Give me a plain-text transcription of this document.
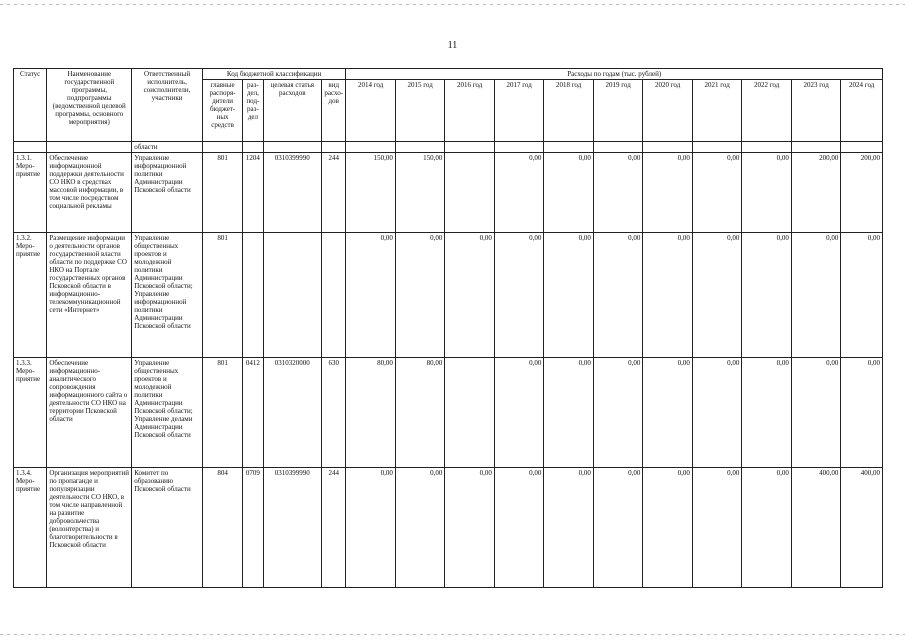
11
Статус	Наименование государственной программы, подпрограммы (ведомственной целевой программы, основного мероприятия)	Ответственный исполнитель, соисполнители, участники	Код бюджетной классификации				Расходы по годам (тыс. рублей)										
			главные распоря-дители бюджет-ных средств	раз-дел, под-раз-дел	целевая статья расходов	вид расхо-дов	2014 год	2015 год	2016 год	2017 год	2018 год	2019 год	2020 год	2021 год	2022 год	2023 год	2024 год
		области															
1.3.1. Меро-приятие	Обеспечение информационной поддержки деятельности СО НКО в средствах массовой информации, в том числе посредством социальной рекламы	Управление информационной политики Администрации Псковской области	801	1204	0310399990	244	150,00	150,00		0,00	0,00	0,00	0,00	0,00	0,00	200,00	200,00
1.3.2. Меро-приятие	Размещение информации о деятельности органов государственной власти области по поддержке СО НКО на Портале государственных органов Псковской области в информационно-телекоммуникационной сети «Интернет»	Управление общественных проектов и молодежной политики Администрации Псковской области; Управление информационной политики Администрации Псковской области	801				0,00	0,00	0,00	0,00	0,00	0,00	0,00	0,00	0,00	0,00	0,00
1.3.3. Меро-приятие	Обеспечение информационно-аналитического сопровождения информационного сайта о деятельности СО НКО на территории Псковской области	Управление общественных проектов и молодежной политики Администрации Псковской области; Управление делами Администрации Псковской области	801	0412	0310320000	630	80,00	80,00		0,00	0,00	0,00	0,00	0,00	0,00	0,00	0,00
1.3.4. Меро-приятие	Организация мероприятий по пропаганде и популяризации деятельности СО НКО, в том числе направленной на развитие добровольчества (волонтерства) и благотворительности в Псковской области	Комитет по образованию Псковской области	804	0709	0310399990	244	0,00	0,00	0,00	0,00	0,00	0,00	0,00	0,00	0,00	400,00	400,00
